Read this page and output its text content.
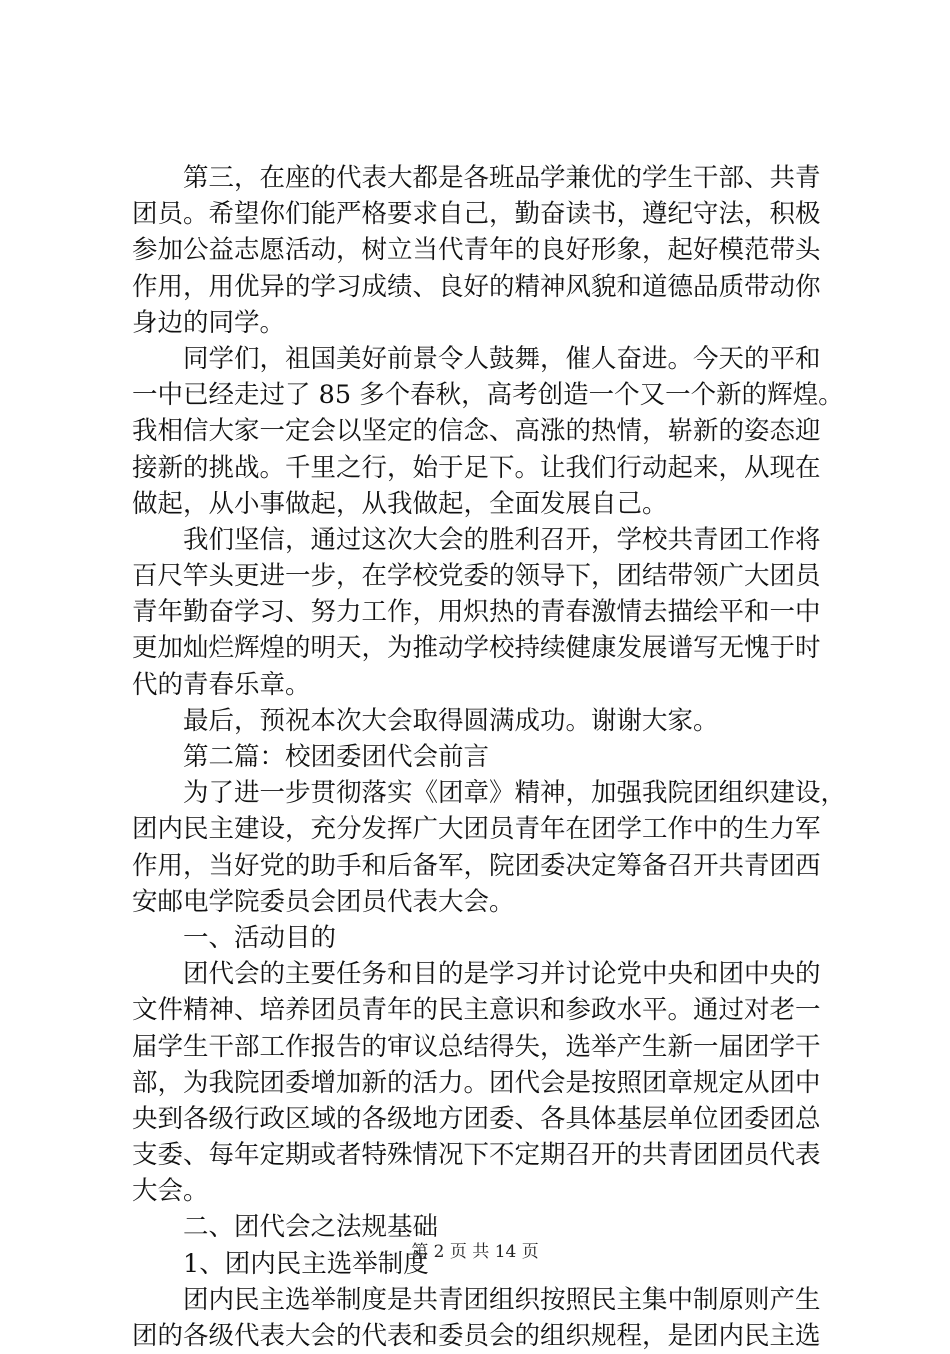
第三，在座的代表大都是各班品学兼优的学生干部、共青
团员。希望你们能严格要求自己，勤奋读书，遵纪守法，积极
参加公益志愿活动，树立当代青年的良好形象，起好模范带头
作用，用优异的学习成绩、良好的精神风貌和道德品质带动你
身边的同学。
同学们，祖国美好前景令人鼓舞，催人奋进。今天的平和
一中已经走过了 85 多个春秋，高考创造一个又一个新的辉煌。
我相信大家一定会以坚定的信念、高涨的热情，崭新的姿态迎
接新的挑战。千里之行，始于足下。让我们行动起来，从现在
做起，从小事做起，从我做起，全面发展自己。
我们坚信，通过这次大会的胜利召开，学校共青团工作将
百尺竿头更进一步，在学校党委的领导下，团结带领广大团员
青年勤奋学习、努力工作，用炽热的青春激情去描绘平和一中
更加灿烂辉煌的明天，为推动学校持续健康发展谱写无愧于时
代的青春乐章。
最后，预祝本次大会取得圆满成功。谢谢大家。
第二篇：校团委团代会前言
为了进一步贯彻落实《团章》精神，加强我院团组织建设，
团内民主建设，充分发挥广大团员青年在团学工作中的生力军
作用，当好党的助手和后备军，院团委决定筹备召开共青团西
安邮电学院委员会团员代表大会。
一、活动目的
团代会的主要任务和目的是学习并讨论党中央和团中央的
文件精神、培养团员青年的民主意识和参政水平。通过对老一
届学生干部工作报告的审议总结得失，选举产生新一届团学干
部，为我院团委增加新的活力。团代会是按照团章规定从团中
央到各级行政区域的各级地方团委、各具体基层单位团委团总
支委、每年定期或者特殊情况下不定期召开的共青团团员代表
大会。
二、团代会之法规基础
1、团内民主选举制度
团内民主选举制度是共青团组织按照民主集中制原则产生
团的各级代表大会的代表和委员会的组织规程，是团内民主选
第 2 页 共 14 页
